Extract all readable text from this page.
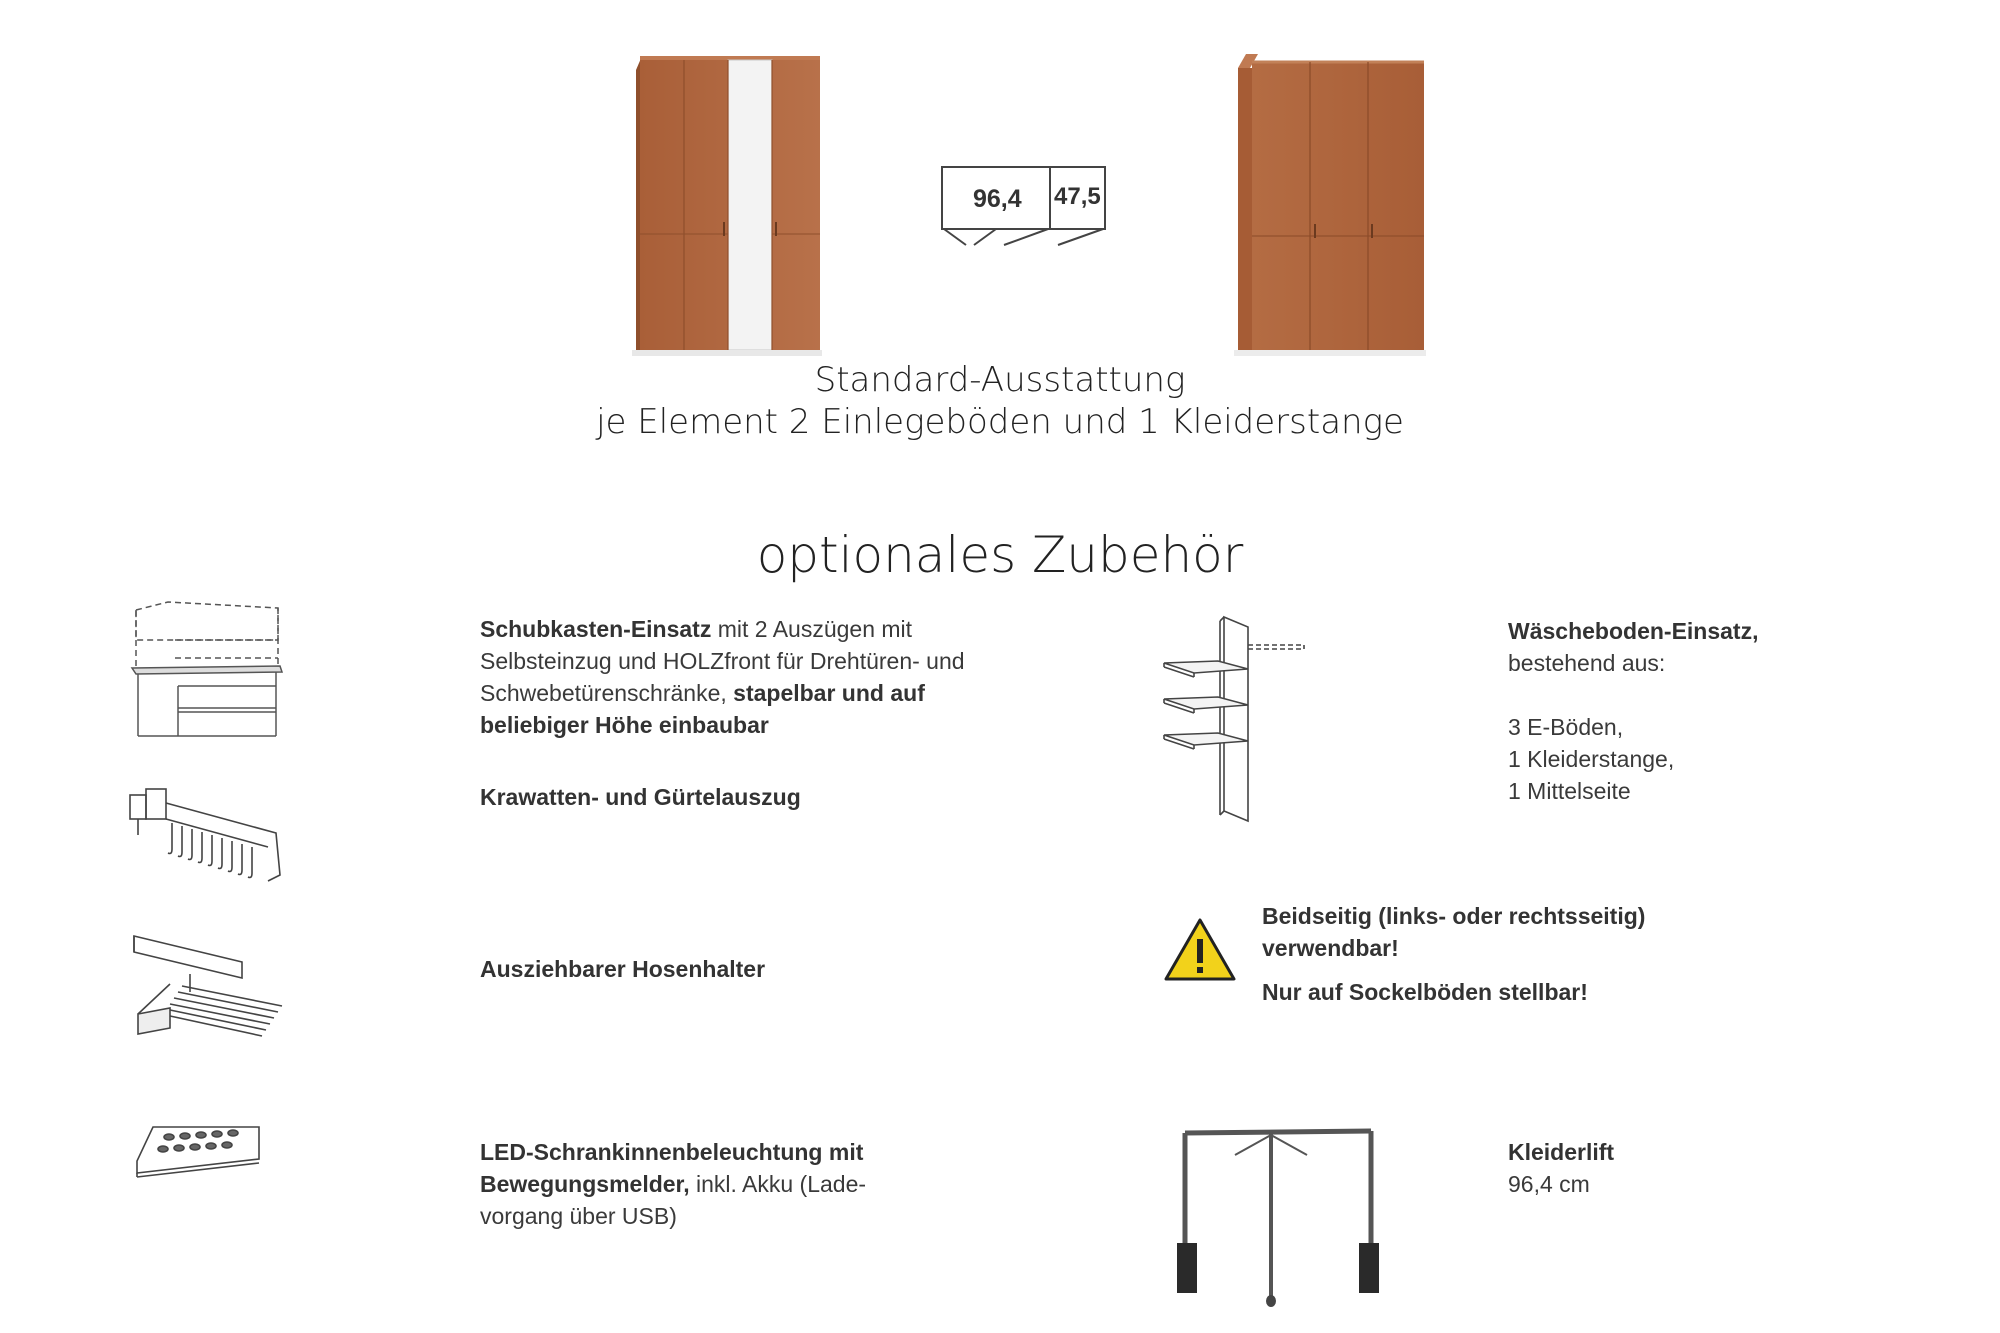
96,4 47,5
Standard-Ausstattung
je Element 2 Einlegeböden und 1 Kleiderstange
optionales Zubehör

Schubkasten-Einsatz mit 2 Auszügen mit Selbsteinzug und HOLZfront für Drehtüren- und Schwebetürenschränke, stapelbar und auf beliebiger Höhe einbaubar

Krawatten- und Gürtelauszug
Ausziehbarer Hosenhalter

LED-Schrankinnenbeleuchtung mit Bewegungsmelder, inkl. Akku (Lade-vorgang über USB)

Wäscheboden-Einsatz,
bestehend aus:
3 E-Böden,
1 Kleiderstange,
1 Mittelseite
Beidseitig (links- oder rechtsseitig) verwendbar!
Nur auf Sockelböden stellbar!
Kleiderlift
96,4 cm
